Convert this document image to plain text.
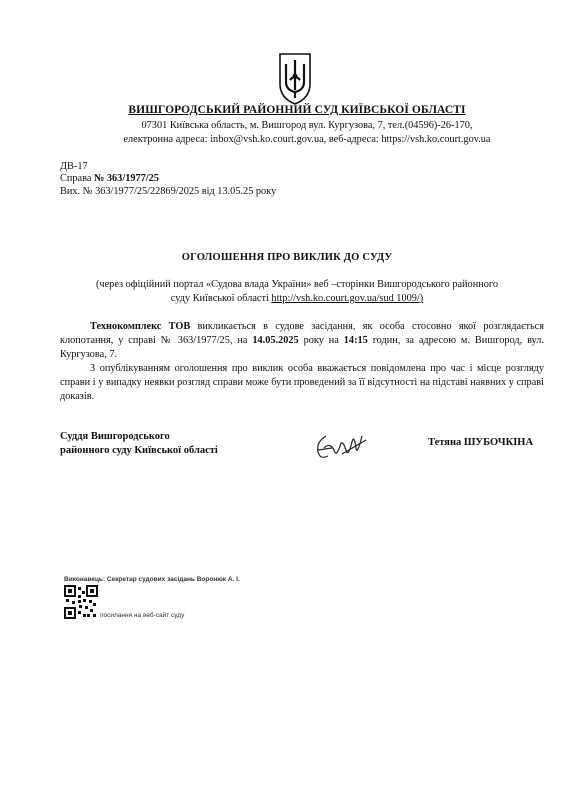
ВИШГОРОДСЬКИЙ РАЙОННИЙ СУД КИЇВСЬКОЇ ОБЛАСТІ
07301 Київська область, м. Вишгород вул. Кургузова, 7, тел.(04596)-26-170,
електронна адреса: inbox@vsh.ko.court.gov.ua, веб-адреса: https://vsh.ko.court.gov.ua
ДВ-17
Справа № 363/1977/25
Вих. № 363/1977/25/22869/2025 від 13.05.25 року
ОГОЛОШЕННЯ ПРО ВИКЛИК ДО СУДУ
(через офіційний портал «Судова влада України» веб –сторінки Вишгородського районного
суду Київської області http://vsh.ko.court.gov.ua/sud 1009/)
Технокомплекс ТОВ викликається в судове засідання, як особа стосовно якої розглядається клопотання, у справі № 363/1977/25, на 14.05.2025 року на 14:15 годин, за адресою м. Вишгород, вул. Кургузова, 7.
З опублікуванням оголошення про виклик особа вважається повідомлена про час і місце розгляду справи і у випадку неявки розгляд справи може бути проведений за її відсутності на підставі наявних у справі доказів.
Суддя Вишгородського
районного суду Київської області
Тетяна ШУБОЧКІНА
Виконавець: Секретар судових засідань Воронюк А. І.
посилання на веб-сайт суду
